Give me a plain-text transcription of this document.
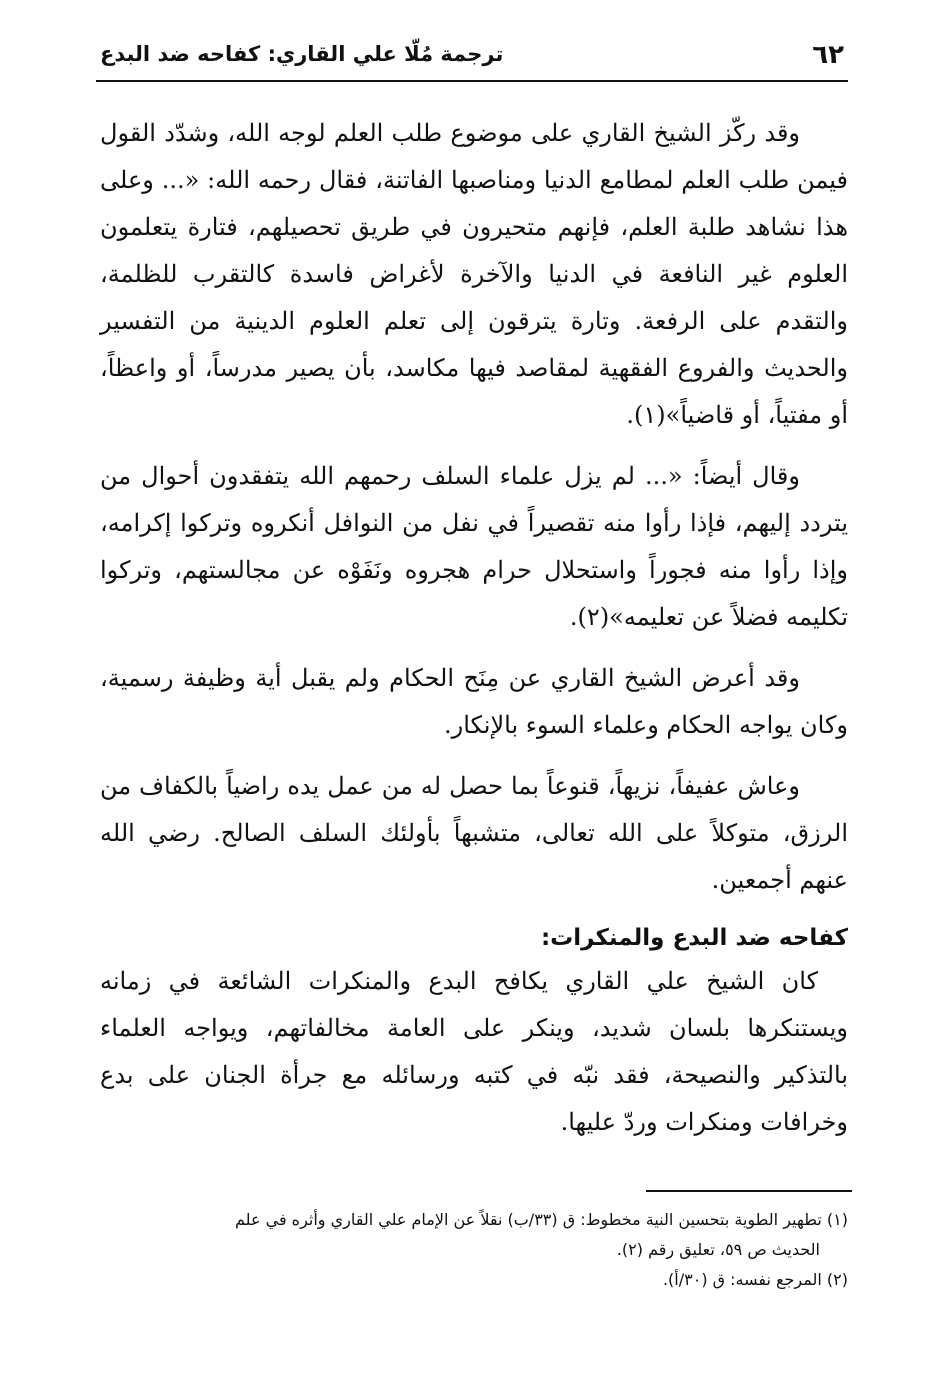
٦٢
ترجمة مُلّا علي القاري: كفاحه ضد البدع

وقد ركّز الشيخ القاري على موضوع طلب العلم لوجه الله، وشدّد القول فيمن طلب العلم لمطامع الدنيا ومناصبها الفاتنة، فقال رحمه الله: «... وعلى هذا نشاهد طلبة العلم، فإنهم متحيرون في طريق تحصيلهم، فتارة يتعلمون العلوم غير النافعة في الدنيا والآخرة لأغراض فاسدة كالتقرب للظلمة، والتقدم على الرفعة. وتارة يترقون إلى تعلم العلوم الدينية من التفسير والحديث والفروع الفقهية لمقاصد فيها مكاسد، بأن يصير مدرساً، أو واعظاً، أو مفتياً، أو قاضياً»(١).

وقال أيضاً: «... لم يزل علماء السلف رحمهم الله يتفقدون أحوال من يتردد إليهم، فإذا رأوا منه تقصيراً في نفل من النوافل أنكروه وتركوا إكرامه، وإذا رأوا منه فجوراً واستحلال حرام هجروه ونَفَوْه عن مجالستهم، وتركوا تكليمه فضلاً عن تعليمه»(٢).

وقد أعرض الشيخ القاري عن مِنَح الحكام ولم يقبل أية وظيفة رسمية، وكان يواجه الحكام وعلماء السوء بالإنكار.

وعاش عفيفاً، نزيهاً، قنوعاً بما حصل له من عمل يده راضياً بالكفاف من الرزق، متوكلاً على الله تعالى، متشبهاً بأولئك السلف الصالح. رضي الله عنهم أجمعين.

كفاحه ضد البدع والمنكرات:

كان الشيخ علي القاري يكافح البدع والمنكرات الشائعة في زمانه ويستنكرها بلسان شديد، وينكر على العامة مخالفاتهم، ويواجه العلماء بالتذكير والنصيحة، فقد نبّه في كتبه ورسائله مع جرأة الجنان على بدع وخرافات ومنكرات وردّ عليها.

(١) تطهير الطوية بتحسين النية مخطوط: ق (٣٣/ب) نقلاً عن الإمام علي القاري وأثره في علم
الحديث ص ٥٩، تعليق رقم (٢).

(٢) المرجع نفسه: ق (٣٠/أ).
